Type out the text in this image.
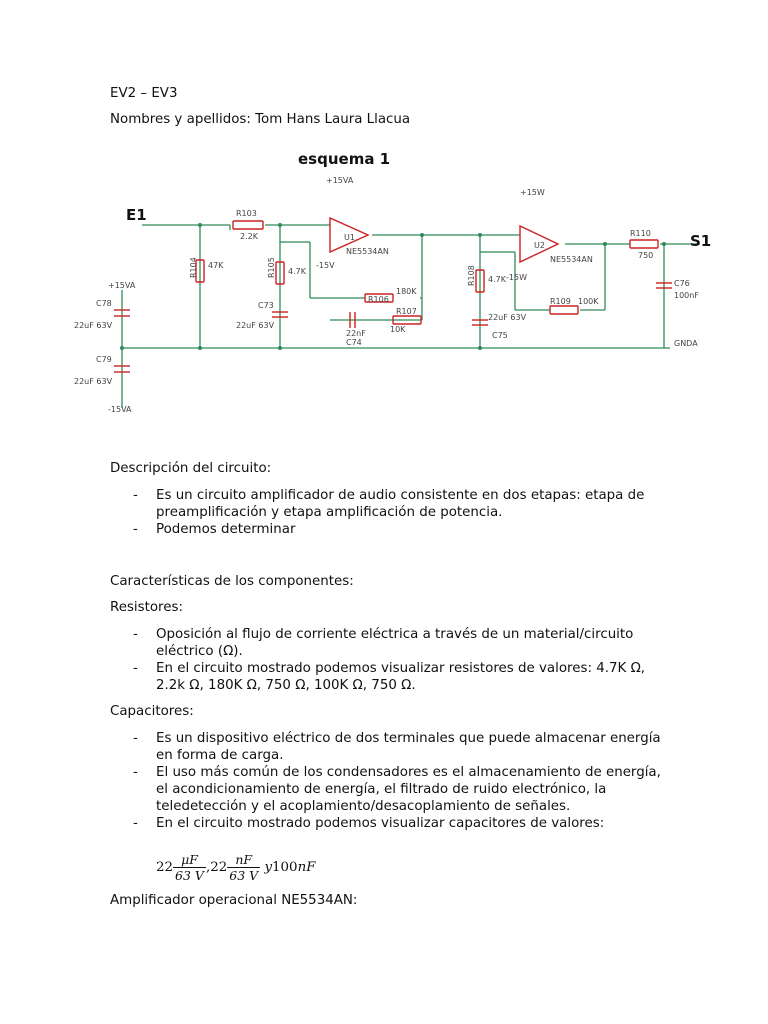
EV2 – EV3

Nombres y apellidos: Tom Hans Laura Llacua

esquema 1
E1
S1
+15VA
-15V
+15W
-15W
+15VA
-15VA
GNDA
R103
2.2K
R104 47K	R105 4.7K
C73
22uF 63V
R106
180K
R107
10K
22nF
C74
NE5534AN
U1
NE5534AN
U2
R108 4.7K
C75
22uF 63V
R109 100K
R110
750
C76
100nF
C78
22uF 63V
C79
22uF 63V

Descripción del circuito:

- Es un circuito amplificador de audio consistente en dos etapas: etapa de preamplificación y etapa amplificación de potencia.
- Podemos determinar

Características de los componentes:

Resistores:

- Oposición al flujo de corriente eléctrica a través de un material/circuito eléctrico (Ω).
- En el circuito mostrado podemos visualizar resistores de valores: 4.7K Ω, 2.2k Ω, 180K Ω, 750 Ω, 100K Ω, 750 Ω.

Capacitores:

- Es un dispositivo eléctrico de dos terminales que puede almacenar energía en forma de carga.
- El uso más común de los condensadores es el almacenamiento de energía, el acondicionamiento de energía, el filtrado de ruido electrónico, la teledetección y el acoplamiento/desacoplamiento de señales.
- En el circuito mostrado podemos visualizar capacitores de valores:
$22 \frac{\mu F}{63 V} ,22 \frac{nF}{63 V} y100nF$

Amplificador operacional NE5534AN:
